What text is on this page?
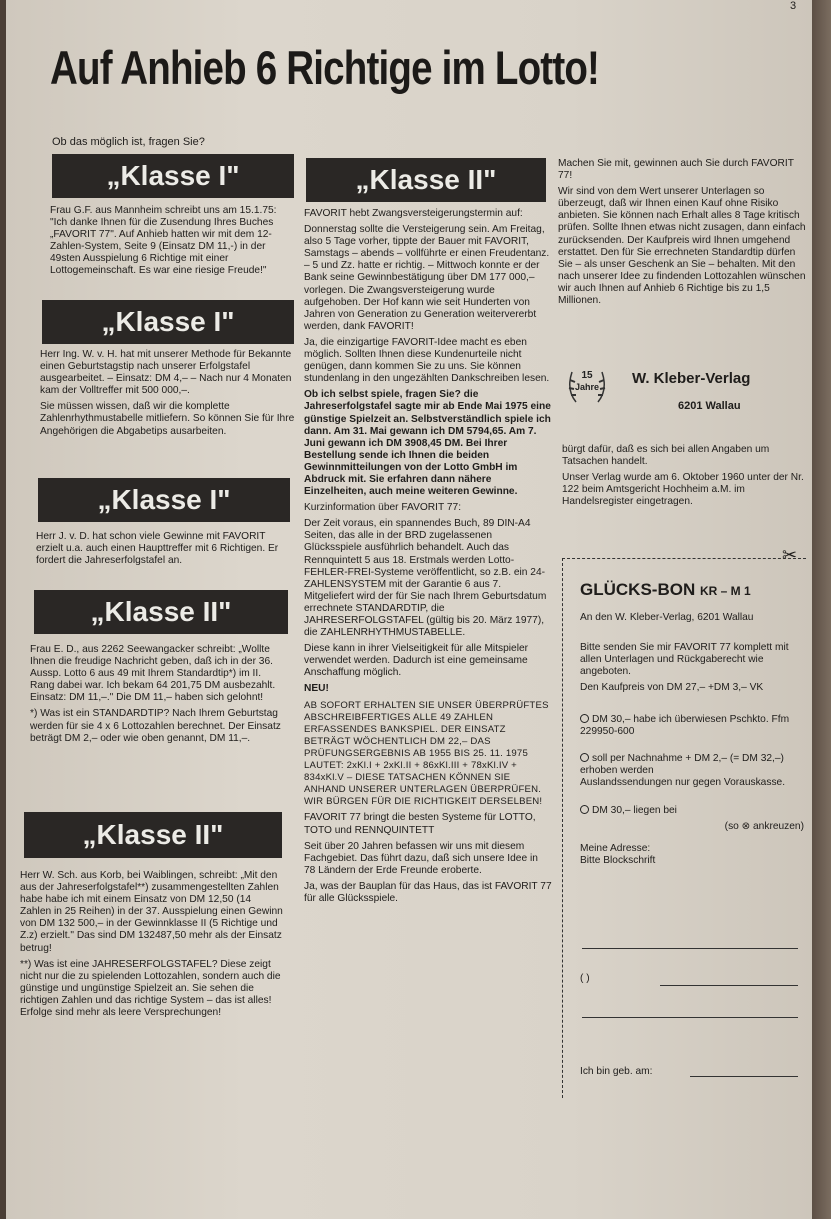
3
Auf Anhieb 6 Richtige im Lotto!
Ob das möglich ist, fragen Sie?
„Klasse I"
Frau G.F. aus Mannheim schreibt uns am 15.1.75: "Ich danke Ihnen für die Zusendung Ihres Buches „FAVORIT 77". Auf Anhieb hatten wir mit dem 12-Zahlen-System, Seite 9 (Einsatz DM 11,-) in der 49sten Ausspielung 6 Richtige mit einer Lottogemeinschaft. Es war eine riesige Freude!"
„Klasse I"

Herr Ing. W. v. H. hat mit unserer Methode für Bekannte einen Geburtstagstip nach unserer Erfolgstafel ausgearbeitet. – Einsatz: DM 4,– – Nach nur 4 Monaten kam der Volltreffer mit 500 000,–.

Sie müssen wissen, daß wir die komplette Zahlenrhythmustabelle mitliefern. So können Sie für Ihre Angehörigen die Abgabetips ausarbeiten.

„Klasse I"
Herr J. v. D. hat schon viele Gewinne mit FAVORIT erzielt u.a. auch einen Haupttreffer mit 6 Richtigen. Er fordert die Jahreserfolgstafel an.
„Klasse II"

Frau E. D., aus 2262 Seewangacker schreibt: „Wollte Ihnen die freudige Nachricht geben, daß ich in der 36. Aussp. Lotto 6 aus 49 mit Ihrem Standardtip*) im II. Rang dabei war. Ich bekam 64 201,75 DM ausbezahlt. Einsatz: DM 11,–." Die DM 11,– haben sich gelohnt!

*) Was ist ein STANDARDTIP? Nach Ihrem Geburtstag werden für sie 4 x 6 Lottozahlen berechnet. Der Einsatz beträgt DM 2,– oder wie oben genannt, DM 11,–.

„Klasse II"

Herr W. Sch. aus Korb, bei Waiblingen, schreibt: „Mit den aus der Jahreserfolgstafel**) zusammengestellten Zahlen habe habe ich mit einem Einsatz von DM 12,50 (14 Zahlen in 25 Reihen) in der 37. Ausspielung einen Gewinn von DM 132 500,– in der Gewinnklasse II (5 Richtige und Z.z) erzielt." Das sind DM 132487,50 mehr als der Einsatz betrug!

**) Was ist eine JAHRESERFOLGSTAFEL? Diese zeigt nicht nur die zu spielenden Lottozahlen, sondern auch die günstige und ungünstige Spielzeit an. Sie sehen die richtigen Zahlen und das richtige System – das ist alles! Erfolge sind mehr als leere Versprechungen!

„Klasse II"

FAVORIT hebt Zwangsversteigerungstermin auf:

Donnerstag sollte die Versteigerung sein. Am Freitag, also 5 Tage vorher, tippte der Bauer mit FAVORIT, Samstags – abends – vollführte er einen Freudentanz. – 5 und Zz. hatte er richtig. – Mittwoch konnte er der Bank seine Gewinnbestätigung über DM 177 000,– vorlegen. Die Zwangsversteigerung wurde aufgehoben. Der Hof kann wie seit Hunderten von Jahren von Generation zu Generation weitervererbt werden, dank FAVORIT!

Ja, die einzigartige FAVORIT-Idee macht es eben möglich. Sollten Ihnen diese Kundenurteile nicht genügen, dann kommen Sie zu uns. Sie können stundenlang in den ungezählten Dankschreiben lesen.

Ob ich selbst spiele, fragen Sie? die Jahreserfolgstafel sagte mir ab Ende Mai 1975 eine günstige Spielzeit an. Selbstverständlich spiele ich dann. Am 31. Mai gewann ich DM 5794,65. Am 7. Juni gewann ich DM 3908,45 DM. Bei Ihrer Bestellung sende ich Ihnen die beiden Gewinnmitteilungen von der Lotto GmbH im Abdruck mit. Sie erfahren dann nähere Einzelheiten, auch meine weiteren Gewinne.

Kurzinformation über FAVORIT 77:

Der Zeit voraus, ein spannendes Buch, 89 DIN-A4 Seiten, das alle in der BRD zugelassenen Glücksspiele ausführlich behandelt. Auch das Rennquintett 5 aus 18. Erstmals werden Lotto-FEHLER-FREI-Systeme veröffentlicht, so z.B. ein 24-ZAHLENSYSTEM mit der Garantie 6 aus 7. Mitgeliefert wird der für Sie nach Ihrem Geburtsdatum errechnete STANDARDTIP, die JAHRESERFOLGSTAFEL (gültig bis 20. März 1977), die ZAHLENRHYTHMUSTABELLE.

Diese kann in ihrer Vielseitigkeit für alle Mitspieler verwendet werden. Dadurch ist eine gemeinsame Anschaffung möglich.

NEU!

AB SOFORT ERHALTEN SIE UNSER ÜBERPRÜFTES ABSCHREIBFERTIGES ALLE 49 ZAHLEN ERFASSENDES BANKSPIEL. DER EINSATZ BETRÄGT WÖCHENTLICH DM 22,– DAS PRÜFUNGSERGEBNIS AB 1955 BIS 25. 11. 1975 LAUTET: 2xKl.I + 2xKl.II + 86xKl.III + 78xKl.IV + 834xKl.V – DIESE TATSACHEN KÖNNEN SIE ANHAND UNSERER UNTERLAGEN ÜBERPRÜFEN. WIR BÜRGEN FÜR DIE RICHTIGKEIT DERSELBEN!

FAVORIT 77 bringt die besten Systeme für LOTTO, TOTO und RENNQUINTETT

Seit über 20 Jahren befassen wir uns mit diesem Fachgebiet. Das führt dazu, daß sich unsere Idee in 78 Ländern der Erde Freunde eroberte.

Ja, was der Bauplan für das Haus, das ist FAVORIT 77 für alle Glücksspiele.

Machen Sie mit, gewinnen auch Sie durch FAVORIT 77!

Wir sind von dem Wert unserer Unterlagen so überzeugt, daß wir Ihnen einen Kauf ohne Risiko anbieten. Sie können nach Erhalt alles 8 Tage kritisch prüfen. Sollte Ihnen etwas nicht zusagen, dann einfach zurücksenden. Der Kaufpreis wird Ihnen umgehend erstattet. Den für Sie errechneten Standardtip dürfen Sie – als unser Geschenk an Sie – behalten. Mit den nach unserer Idee zu findenden Lottozahlen wünschen wir auch Ihnen auf Anhieb 6 Richtige bis zu 1,5 Millionen.

15
Jahre W. Kleber-Verlag
6201 Wallau

bürgt dafür, daß es sich bei allen Angaben um Tatsachen handelt.

Unser Verlag wurde am 6. Oktober 1960 unter der Nr. 122 beim Amtsgericht Hochheim a.M. im Handelsregister eingetragen.

✂
GLÜCKS-BON KR – M 1
An den W. Kleber-Verlag, 6201 Wallau

Bitte senden Sie mir FAVORIT 77 komplett mit allen Unterlagen und Rückgaberecht wie angeboten.

Den Kaufpreis von DM 27,– +DM 3,– VK

DM 30,– habe ich überwiesen Pschkto. Ffm 229950-600

soll per Nachnahme + DM 2,– (= DM 32,–) erhoben werden

Auslandssendungen nur gegen Vorauskasse.

DM 30,– liegen bei

(so ⊗ ankreuzen)

Meine Adresse:

Bitte Blockschrift

( )
Ich bin geb. am:
